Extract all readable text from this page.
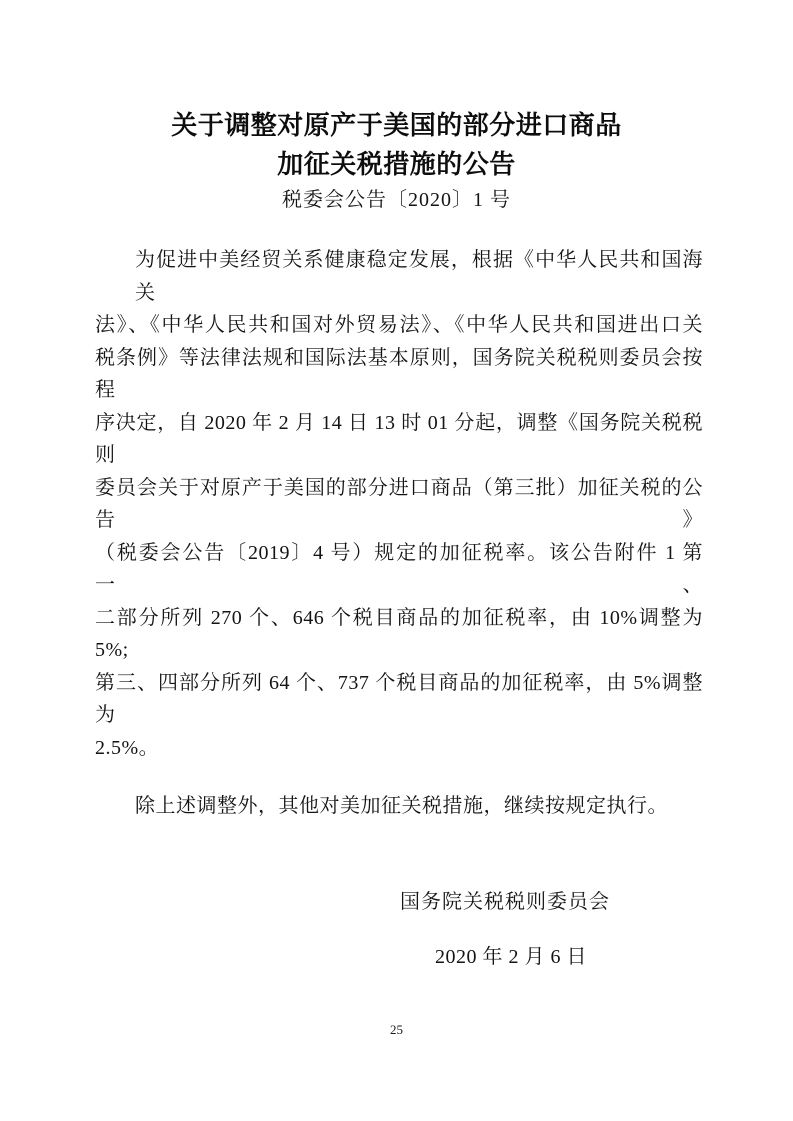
关于调整对原产于美国的部分进口商品
加征关税措施的公告
税委会公告〔2020〕1 号
为促进中美经贸关系健康稳定发展，根据《中华人民共和国海关
法》、《中华人民共和国对外贸易法》、《中华人民共和国进出口关
税条例》等法律法规和国际法基本原则，国务院关税税则委员会按程
序决定，自 2020 年 2 月 14 日 13 时 01 分起，调整《国务院关税税则
委员会关于对原产于美国的部分进口商品（第三批）加征关税的公告》
（税委会公告〔2019〕4 号）规定的加征税率。该公告附件 1 第一、
二部分所列 270 个、646 个税目商品的加征税率，由 10%调整为 5%;
第三、四部分所列 64 个、737 个税目商品的加征税率，由 5%调整为
2.5%。
除上述调整外，其他对美加征关税措施，继续按规定执行。
国务院关税税则委员会
2020 年 2 月 6 日
25
